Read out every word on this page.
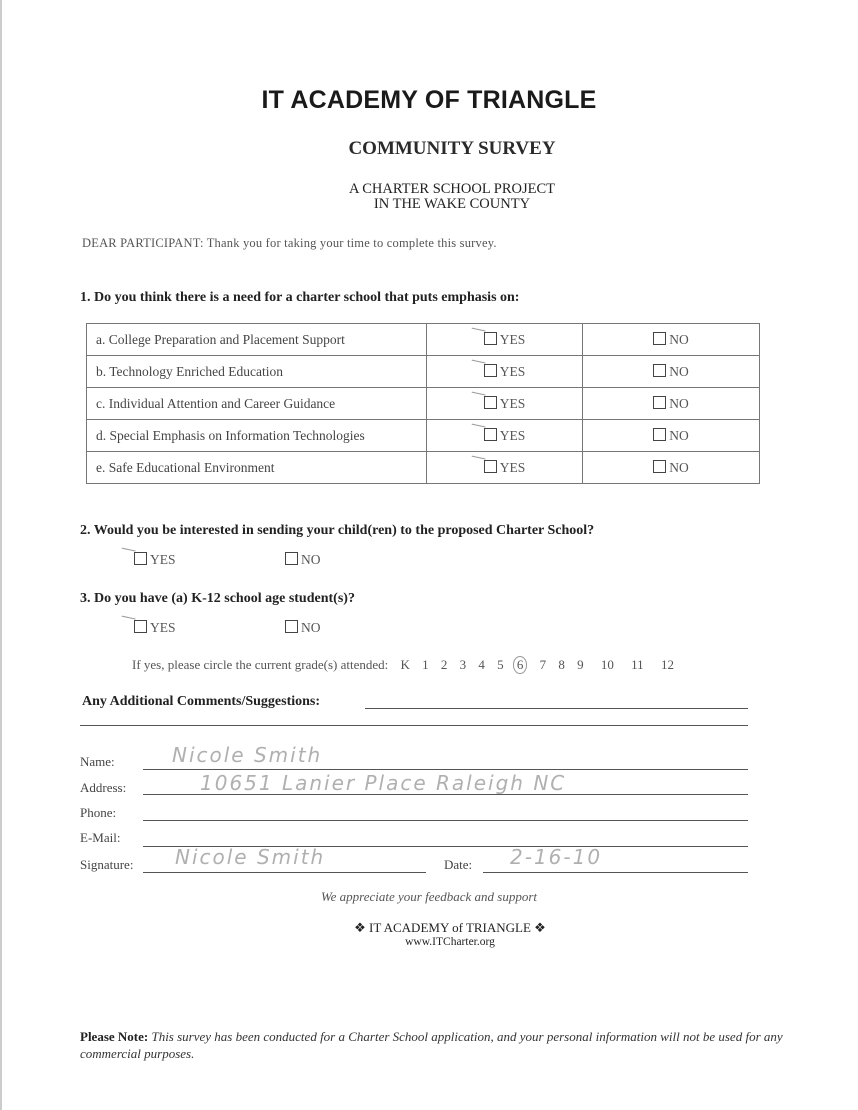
IT ACADEMY OF TRIANGLE
COMMUNITY SURVEY
A CHARTER SCHOOL PROJECT
IN THE WAKE COUNTY
DEAR PARTICIPANT: Thank you for taking your time to complete this survey.
1. Do you think there is a need for a charter school that puts emphasis on:
a. College Preparation and Placement Support	YES	NO
b. Technology Enriched Education	YES	NO
c. Individual Attention and Career Guidance	YES	NO
d. Special Emphasis on Information Technologies	YES	NO
e. Safe Educational Environment	YES	NO
2. Would you be interested in sending your child(ren) to the proposed Charter School?
YES	NO
3. Do you have (a) K-12 school age student(s)?
YES	NO
If yes, please circle the current grade(s) attended: K 1 2 3 4 5 6 7 8 9 10 11 12
Any Additional Comments/Suggestions:
Name:	Nicole Smith
Address:	10651 Lanier Place Raleigh NC
Phone:
E-Mail:
Signature: Nicole Smith	Date: 2-16-10
We appreciate your feedback and support
❖ IT ACADEMY of TRIANGLE ❖
www.ITCharter.org
Please Note: This survey has been conducted for a Charter School application, and your personal information will not be used for any commercial purposes.
